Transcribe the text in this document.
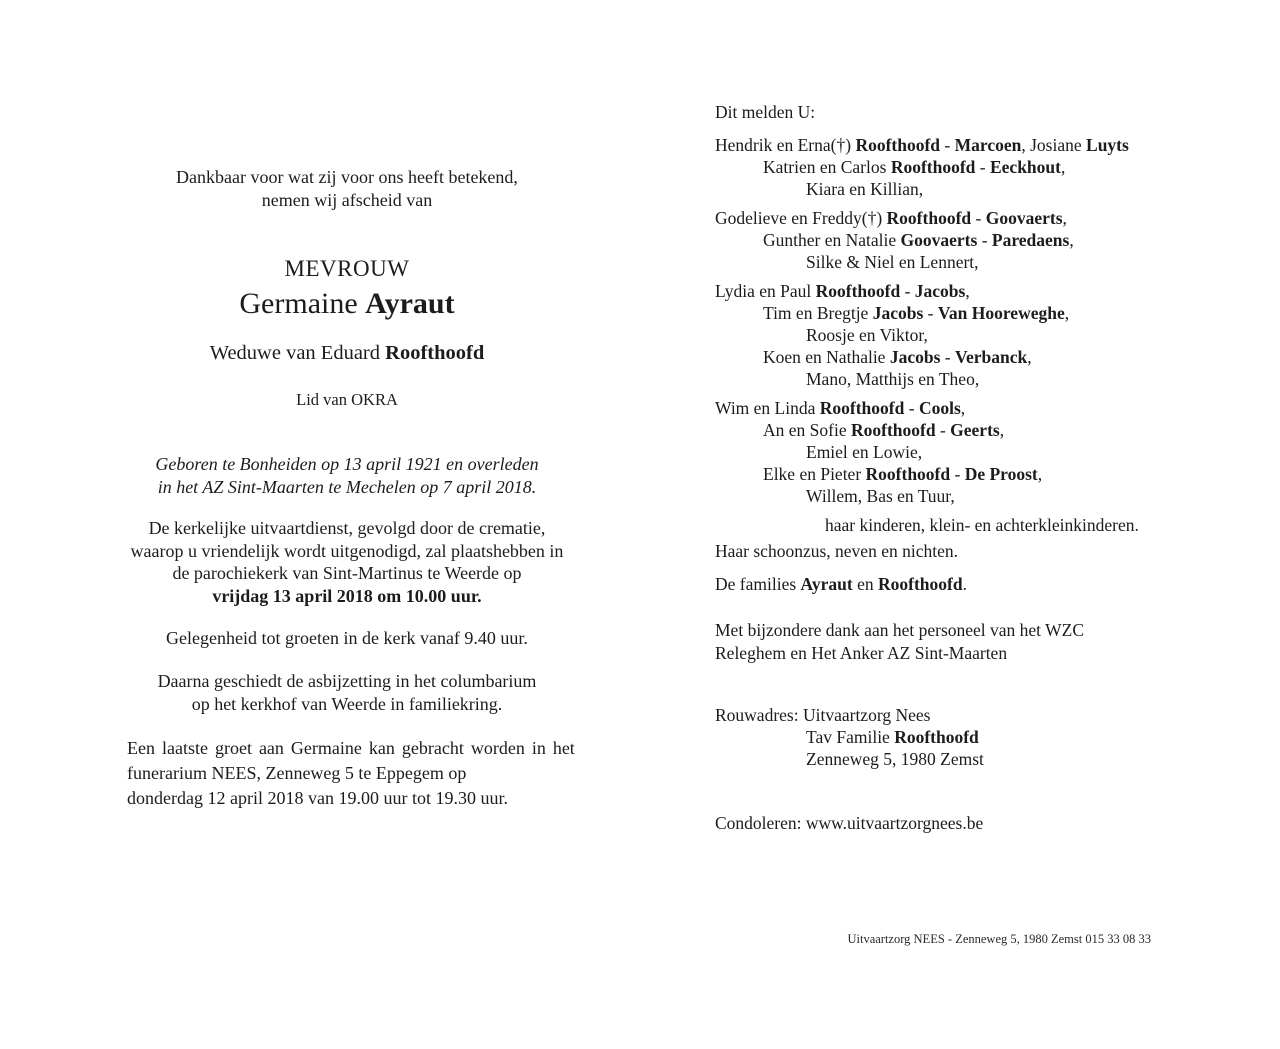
Dankbaar voor wat zij voor ons heeft betekend,
nemen wij afscheid van
MEVROUW
Germaine Ayraut
Weduwe van Eduard Roofthoofd
Lid van OKRA
Geboren te Bonheiden op 13 april 1921 en overleden
in het AZ Sint-Maarten te Mechelen op 7 april 2018.
De kerkelijke uitvaartdienst, gevolgd door de crematie,
waarop u vriendelijk wordt uitgenodigd, zal plaatshebben in
de parochiekerk van Sint-Martinus te Weerde op
vrijdag 13 april 2018 om 10.00 uur.
Gelegenheid tot groeten in de kerk vanaf 9.40 uur.
Daarna geschiedt de asbijzetting in het columbarium
op het kerkhof van Weerde in familiekring.
Een laatste groet aan Germaine kan gebracht worden in het
funerarium NEES, Zenneweg 5 te Eppegem op
donderdag 12 april 2018 van 19.00 uur tot 19.30 uur.
Dit melden U:
Hendrik en Erna(†) Roofthoofd - Marcoen, Josiane Luyts
Katrien en Carlos Roofthoofd - Eeckhout,
Kiara en Killian,
Godelieve en Freddy(†) Roofthoofd - Goovaerts,
Gunther en Natalie Goovaerts - Paredaens,
Silke & Niel en Lennert,
Lydia en Paul Roofthoofd - Jacobs,
Tim en Bregtje Jacobs - Van Hooreweghe,
Roosje en Viktor,
Koen en Nathalie Jacobs - Verbanck,
Mano, Matthijs en Theo,
Wim en Linda Roofthoofd - Cools,
An en Sofie Roofthoofd - Geerts,
Emiel en Lowie,
Elke en Pieter Roofthoofd - De Proost,
Willem, Bas en Tuur,
haar kinderen, klein- en achterkleinkinderen.
Haar schoonzus, neven en nichten.
De families Ayraut en Roofthoofd.
Met bijzondere dank aan het personeel van het WZC
Releghem en Het Anker AZ Sint-Maarten
Rouwadres: Uitvaartzorg Nees
Tav Familie Roofthoofd
Zenneweg 5, 1980 Zemst
Condoleren: www.uitvaartzorgnees.be
Uitvaartzorg NEES - Zenneweg 5, 1980 Zemst 015 33 08 33
